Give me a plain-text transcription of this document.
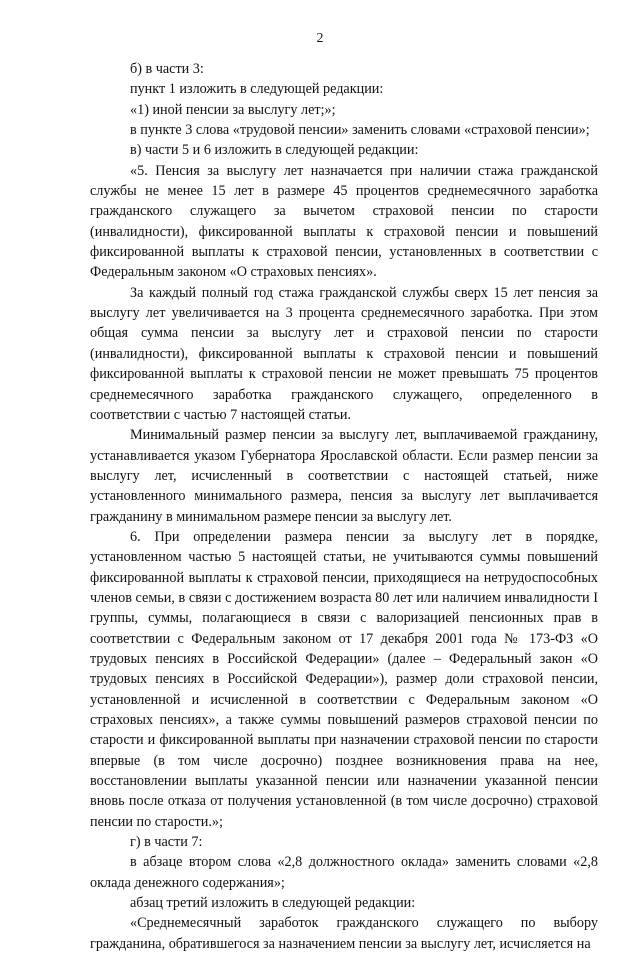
2

б) в части 3:

пункт 1 изложить в следующей редакции:

«1) иной пенсии за выслугу лет;»;

в пункте 3 слова «трудовой пенсии» заменить словами «страховой пенсии»;

в) части 5 и 6 изложить в следующей редакции:

«5. Пенсия за выслугу лет назначается при наличии стажа гражданской службы не менее 15 лет в размере 45 процентов среднемесячного заработка гражданского служащего за вычетом страховой пенсии по старости (инвалидности), фиксированной выплаты к страховой пенсии и повышений фиксированной выплаты к страховой пенсии, установленных в соответствии с Федеральным законом «О страховых пенсиях».

За каждый полный год стажа гражданской службы сверх 15 лет пенсия за выслугу лет увеличивается на 3 процента среднемесячного заработка. При этом общая сумма пенсии за выслугу лет и страховой пенсии по старости (инвалидности), фиксированной выплаты к страховой пенсии и повышений фиксированной выплаты к страховой пенсии не может превышать 75 процентов среднемесячного заработка гражданского служащего, определенного в соответствии с частью 7 настоящей статьи.

Минимальный размер пенсии за выслугу лет, выплачиваемой гражданину, устанавливается указом Губернатора Ярославской области. Если размер пенсии за выслугу лет, исчисленный в соответствии с настоящей статьей, ниже установленного минимального размера, пенсия за выслугу лет выплачивается гражданину в минимальном размере пенсии за выслугу лет.

6. При определении размера пенсии за выслугу лет в порядке, установленном частью 5 настоящей статьи, не учитываются суммы повышений фиксированной выплаты к страховой пенсии, приходящиеся на нетрудоспособных членов семьи, в связи с достижением возраста 80 лет или наличием инвалидности I группы, суммы, полагающиеся в связи с валоризацией пенсионных прав в соответствии с Федеральным законом от 17 декабря 2001 года № 173-ФЗ «О трудовых пенсиях в Российской Федерации» (далее – Федеральный закон «О трудовых пенсиях в Российской Федерации»), размер доли страховой пенсии, установленной и исчисленной в соответствии с Федеральным законом «О страховых пенсиях», а также суммы повышений размеров страховой пенсии по старости и фиксированной выплаты при назначении страховой пенсии по старости впервые (в том числе досрочно) позднее возникновения права на нее, восстановлении выплаты указанной пенсии или назначении указанной пенсии вновь после отказа от получения установленной (в том числе досрочно) страховой пенсии по старости.»;

г) в части 7:

в абзаце втором слова «2,8 должностного оклада» заменить словами «2,8 оклада денежного содержания»;

абзац третий изложить в следующей редакции:

«Среднемесячный заработок гражданского служащего по выбору гражданина, обратившегося за назначением пенсии за выслугу лет, исчисляется на
